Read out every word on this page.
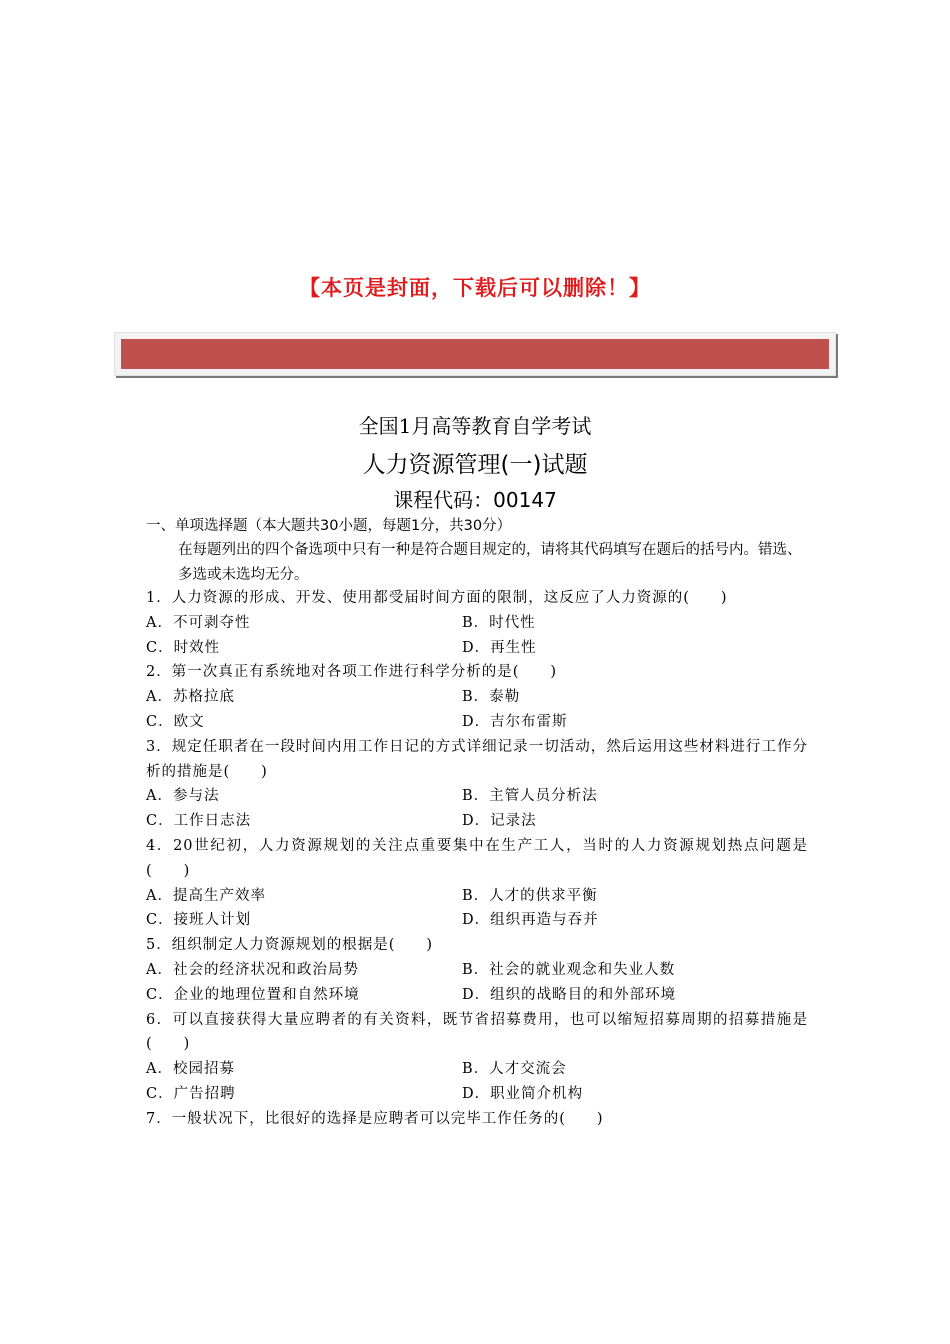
【本页是封面，下载后可以删除！】
全国1月高等教育自学考试
人力资源管理(一)试题
课程代码：00147
一、单项选择题（本大题共30小题，每题1分，共30分）
在每题列出的四个备选项中只有一种是符合题目规定的，请将其代码填写在题后的括号内。错选、多选或未选均无分。
1．人力资源的形成、开发、使用都受届时间方面的限制，这反应了人力资源的(　　)
A．不可剥夺性	B．时代性
C．时效性	D．再生性
2．第一次真正有系统地对各项工作进行科学分析的是(　　)
A．苏格拉底	B．泰勒
C．欧文	D．吉尔布雷斯
3．规定任职者在一段时间内用工作日记的方式详细记录一切活动，然后运用这些材料进行工作分析的措施是(　　)
A．参与法	B．主管人员分析法
C．工作日志法	D．记录法
4．20世纪初，人力资源规划的关注点重要集中在生产工人，当时的人力资源规划热点问题是(　　)
A．提高生产效率	B．人才的供求平衡
C．接班人计划	D．组织再造与吞并
5．组织制定人力资源规划的根据是(　　)
A．社会的经济状况和政治局势	B．社会的就业观念和失业人数
C．企业的地理位置和自然环境	D．组织的战略目的和外部环境
6．可以直接获得大量应聘者的有关资料，既节省招募费用，也可以缩短招募周期的招募措施是(　　)
A．校园招募	B．人才交流会
C．广告招聘	D．职业简介机构
7．一般状况下，比很好的选择是应聘者可以完毕工作任务的(　　)
